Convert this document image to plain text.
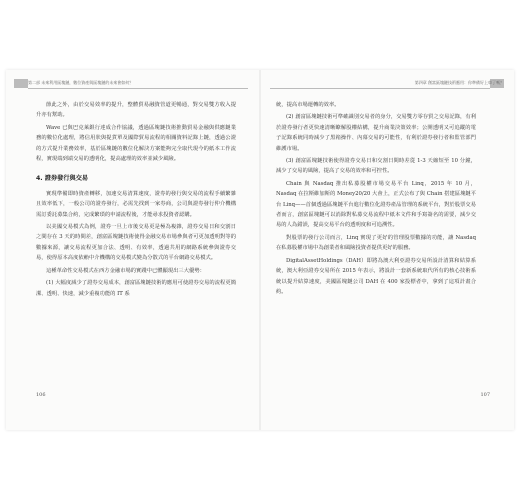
第二部 未來利用區塊鏈，數位資產與區塊鏈的未來會如何？

節此之外，由於交易效率的提升，整體貿易融資管道更暢通，對交易雙方收入提升亦有幫助。

Wave 已與巴克萊銀行達成合作協議，透過區塊鏈技術推動貿易金融與供應鏈業務的數位化處理，將信用狀與提貨單及國際貿易流程的相關資料記錄上鏈，透過公證的方式提升業務效率，基於區塊鏈的數位化解決方案能夠完全取代現今的紙本工作流程，實現端到端交易的透明化，提高處理的效率並減少風險。

4. 證券發行與交易

實現準備即時資產轉移，加速交易清算速度，證券的發行與交易的流程手續繁雜且效率低下，一般公司的證券發行，必需先找到一家券商，公司與證券發行仲介機構需訂委託募集合約，完成繁瑣的申請流程後，才能尋求投資者認購。

以美國交易模式為例，證券一旦上市後交易更是極為複雜，證券交易日和交割日之間存在 3 天的時間差，創富區塊鏈技術使得金融交易市場參與者可更加透明對等的數據來源，讓交易流程更加合法、透明、有效率，透過共用的網路系統參與證券交易，使得原本高度依賴中介機構的交易模式變為分散式的平台網路交易模式。

這種革命性交易模式在西方金融市場的實踐中已體顯現出三大優勢：

(1) 大幅度減少了證券交易成本，創富區塊鏈技術的應用可使證券交易的流程更簡潔、透明、快速，減少重複功能的 IT 系

106
第四章 創富區塊鏈技術應用：你準備好上車了嗎？

統，提高市場運轉的效率。

(2) 創富區塊鏈技術可準確識別交易者的身分，交易雙方零存貿之交易記錄，有利於證券發行者更快速清晰瞭解股權結構，提升商業決策效率；公開透明又可追蹤的電子記錄系統同時減少了黑箱操作、內幕交易的可能性，有利於證券發行者和監管部門維護市場。

(3) 創富區塊鏈技術使得證券交易日和交割日間時差從 1-3 天縮短至 10 分鐘，減少了交易的風險，提高了交易的效率和可控性。

Chain 與 Nasdaq 推出私募股權市場交易平台 Linq，2015 年 10 月，Nasdaq 在拉斯維加斯的 Money20/20 大會上，正式公布了與 Chain 搭建區塊鏈平台 Linq——首個透過區塊鏈平台進行數位化證券產品管理的系統平台，對於股票交易者而言，創富區塊鏈可以消除對私募交易流程中紙本文件和手寫簽名的需要，減少交易的人為錯誤，提高交易平台的透明度和可追溯性。

對股票的發行公司而言，Linq 實現了更好的管理股票數據的功能，讓 Nasdaq 在私募股權市場中為創業者和風險投資者提供更好的服務。

DigitalAssetHoldings（DAH）即將為澳大利亞證券交易所設計清算和結算系統，澳大利亞證券交易所在 2015 年表示，將設計一套新系統取代所有的核心技術系統以提升結算速度，美國區塊鏈公司 DAH 在 400 家投標者中，拿到了這項計畫合約。

107
